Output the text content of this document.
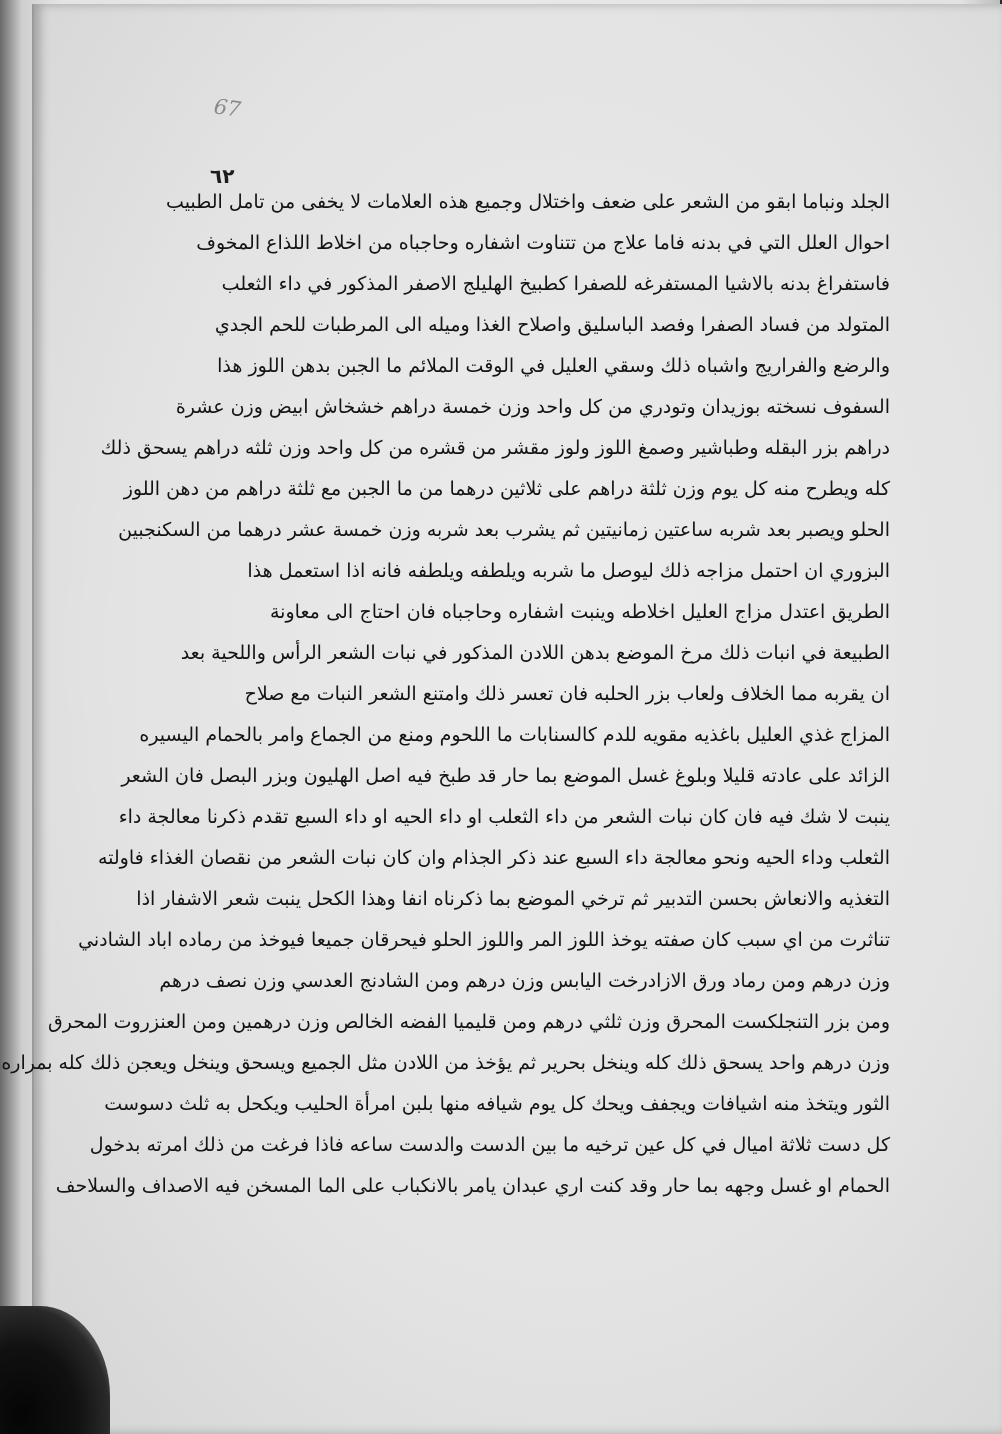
67
٦٢
الجلد ونباما ابقو من الشعر على ضعف واختلال وجميع هذه العلامات لا يخفى من تامل الطبيب
احوال العلل التي في بدنه فاما علاج من تتناوت اشفاره وحاجباه من اخلاط اللذاع المخوف
فاستفراغ بدنه بالاشيا المستفرغه للصفرا كطبيخ الهليلج الاصفر المذكور في داء الثعلب
المتولد من فساد الصفرا وفصد الباسليق واصلاح الغذا وميله الى المرطبات للحم الجدي
والرضع والفراريج واشباه ذلك وسقي العليل في الوقت الملائم ما الجبن بدهن اللوز هذا
السفوف نسخته بوزيدان وتودري من كل واحد وزن خمسة دراهم خشخاش ابيض وزن عشرة
دراهم بزر البقله وطباشير وصمغ اللوز ولوز مقشر من قشره من كل واحد وزن ثلثه دراهم يسحق ذلك
كله ويطرح منه كل يوم وزن ثلثة دراهم على ثلاثين درهما من ما الجبن مع ثلثة دراهم من دهن اللوز
الحلو ويصبر بعد شربه ساعتين زمانيتين ثم يشرب بعد شربه وزن خمسة عشر درهما من السكنجبين
البزوري ان احتمل مزاجه ذلك ليوصل ما شربه ويلطفه ويلطفه فانه اذا استعمل هذا
الطريق اعتدل مزاج العليل اخلاطه وينبت اشفاره وحاجباه فان احتاج الى معاونة
الطبيعة في انبات ذلك مرخ الموضع بدهن اللادن المذكور في نبات الشعر الرأس واللحية بعد
ان يقربه مما الخلاف ولعاب بزر الحلبه فان تعسر ذلك وامتنع الشعر النبات مع صلاح
المزاج غذي العليل باغذيه مقويه للدم كالسنابات ما اللحوم ومنع من الجماع وامر بالحمام اليسيره
الزائد على عادته قليلا وبلوغ غسل الموضع بما حار قد طبخ فيه اصل الهليون وبزر البصل فان الشعر
ينبت لا شك فيه فان كان نبات الشعر من داء الثعلب او داء الحيه او داء السبع تقدم ذكرنا معالجة داء
الثعلب وداء الحيه ونحو معالجة داء السبع عند ذكر الجذام وان كان نبات الشعر من نقصان الغذاء فاولته
التغذيه والانعاش بحسن التدبير ثم ترخي الموضع بما ذكرناه انفا وهذا الكحل ينبت شعر الاشفار اذا
تناثرت من اي سبب كان صفته يوخذ اللوز المر واللوز الحلو فيحرقان جميعا فيوخذ من رماده اباد الشادني
وزن درهم ومن رماد ورق الازادرخت اليابس وزن درهم ومن الشادنج العدسي وزن نصف درهم
ومن بزر التنجلكست المحرق وزن ثلثي درهم ومن قليميا الفضه الخالص وزن درهمين ومن العنزروت المحرق
وزن درهم واحد يسحق ذلك كله وينخل بحرير ثم يؤخذ من اللادن مثل الجميع ويسحق وينخل ويعجن ذلك كله بمراره
الثور ويتخذ منه اشيافات ويجفف ويحك كل يوم شيافه منها بلبن امرأة الحليب ويكحل به ثلث دسوست
كل دست ثلاثة اميال في كل عين ترخيه ما بين الدست والدست ساعه فاذا فرغت من ذلك امرته بدخول
الحمام او غسل وجهه بما حار وقد كنت اري عبدان يامر بالانكباب على الما المسخن فيه الاصداف والسلاحف
